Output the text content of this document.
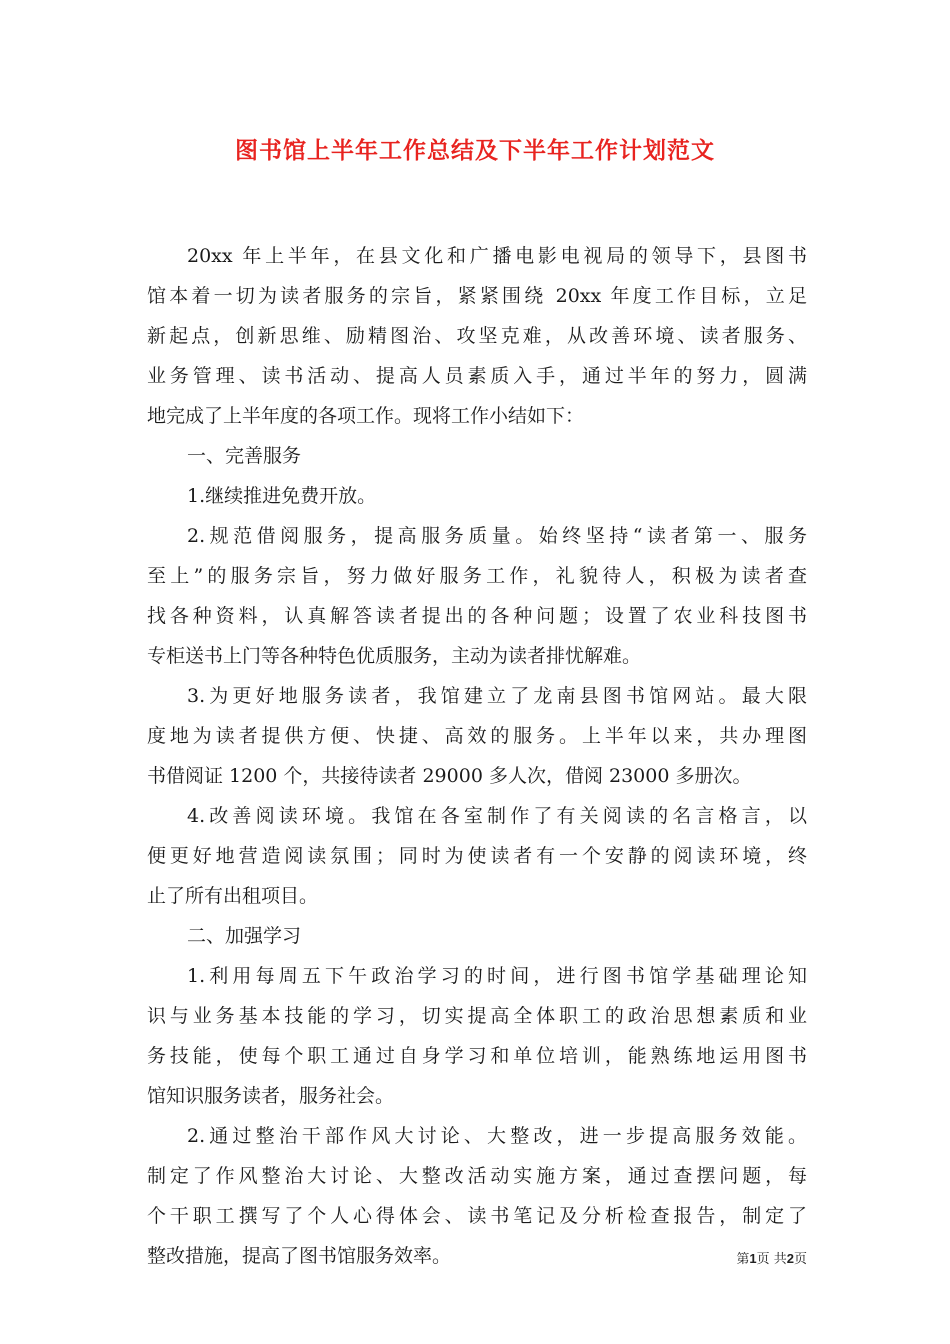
图书馆上半年工作总结及下半年工作计划范文
20xx 年上半年，在县文化和广播电影电视局的领导下，县图书
馆本着一切为读者服务的宗旨，紧紧围绕 20xx 年度工作目标，立足
新起点，创新思维、励精图治、攻坚克难，从改善环境、读者服务、
业务管理、读书活动、提高人员素质入手，通过半年的努力，圆满
地完成了上半年度的各项工作。现将工作小结如下：
一、完善服务
1.继续推进免费开放。
2.规范借阅服务，提高服务质量。始终坚持“读者第一、服务
至上”的服务宗旨，努力做好服务工作，礼貌待人，积极为读者查
找各种资料，认真解答读者提出的各种问题；设置了农业科技图书
专柜送书上门等各种特色优质服务，主动为读者排忧解难。
3.为更好地服务读者，我馆建立了龙南县图书馆网站。最大限
度地为读者提供方便、快捷、高效的服务。上半年以来，共办理图
书借阅证 1200 个，共接待读者 29000 多人次，借阅 23000 多册次。
4.改善阅读环境。我馆在各室制作了有关阅读的名言格言，以
便更好地营造阅读氛围；同时为使读者有一个安静的阅读环境，终
止了所有出租项目。
二、加强学习
1.利用每周五下午政治学习的时间，进行图书馆学基础理论知
识与业务基本技能的学习，切实提高全体职工的政治思想素质和业
务技能，使每个职工通过自身学习和单位培训，能熟练地运用图书
馆知识服务读者，服务社会。
2.通过整治干部作风大讨论、大整改，进一步提高服务效能。
制定了作风整治大讨论、大整改活动实施方案，通过查摆问题，每
个干职工撰写了个人心得体会、读书笔记及分析检查报告，制定了
整改措施，提高了图书馆服务效率。	第1页 共2页
